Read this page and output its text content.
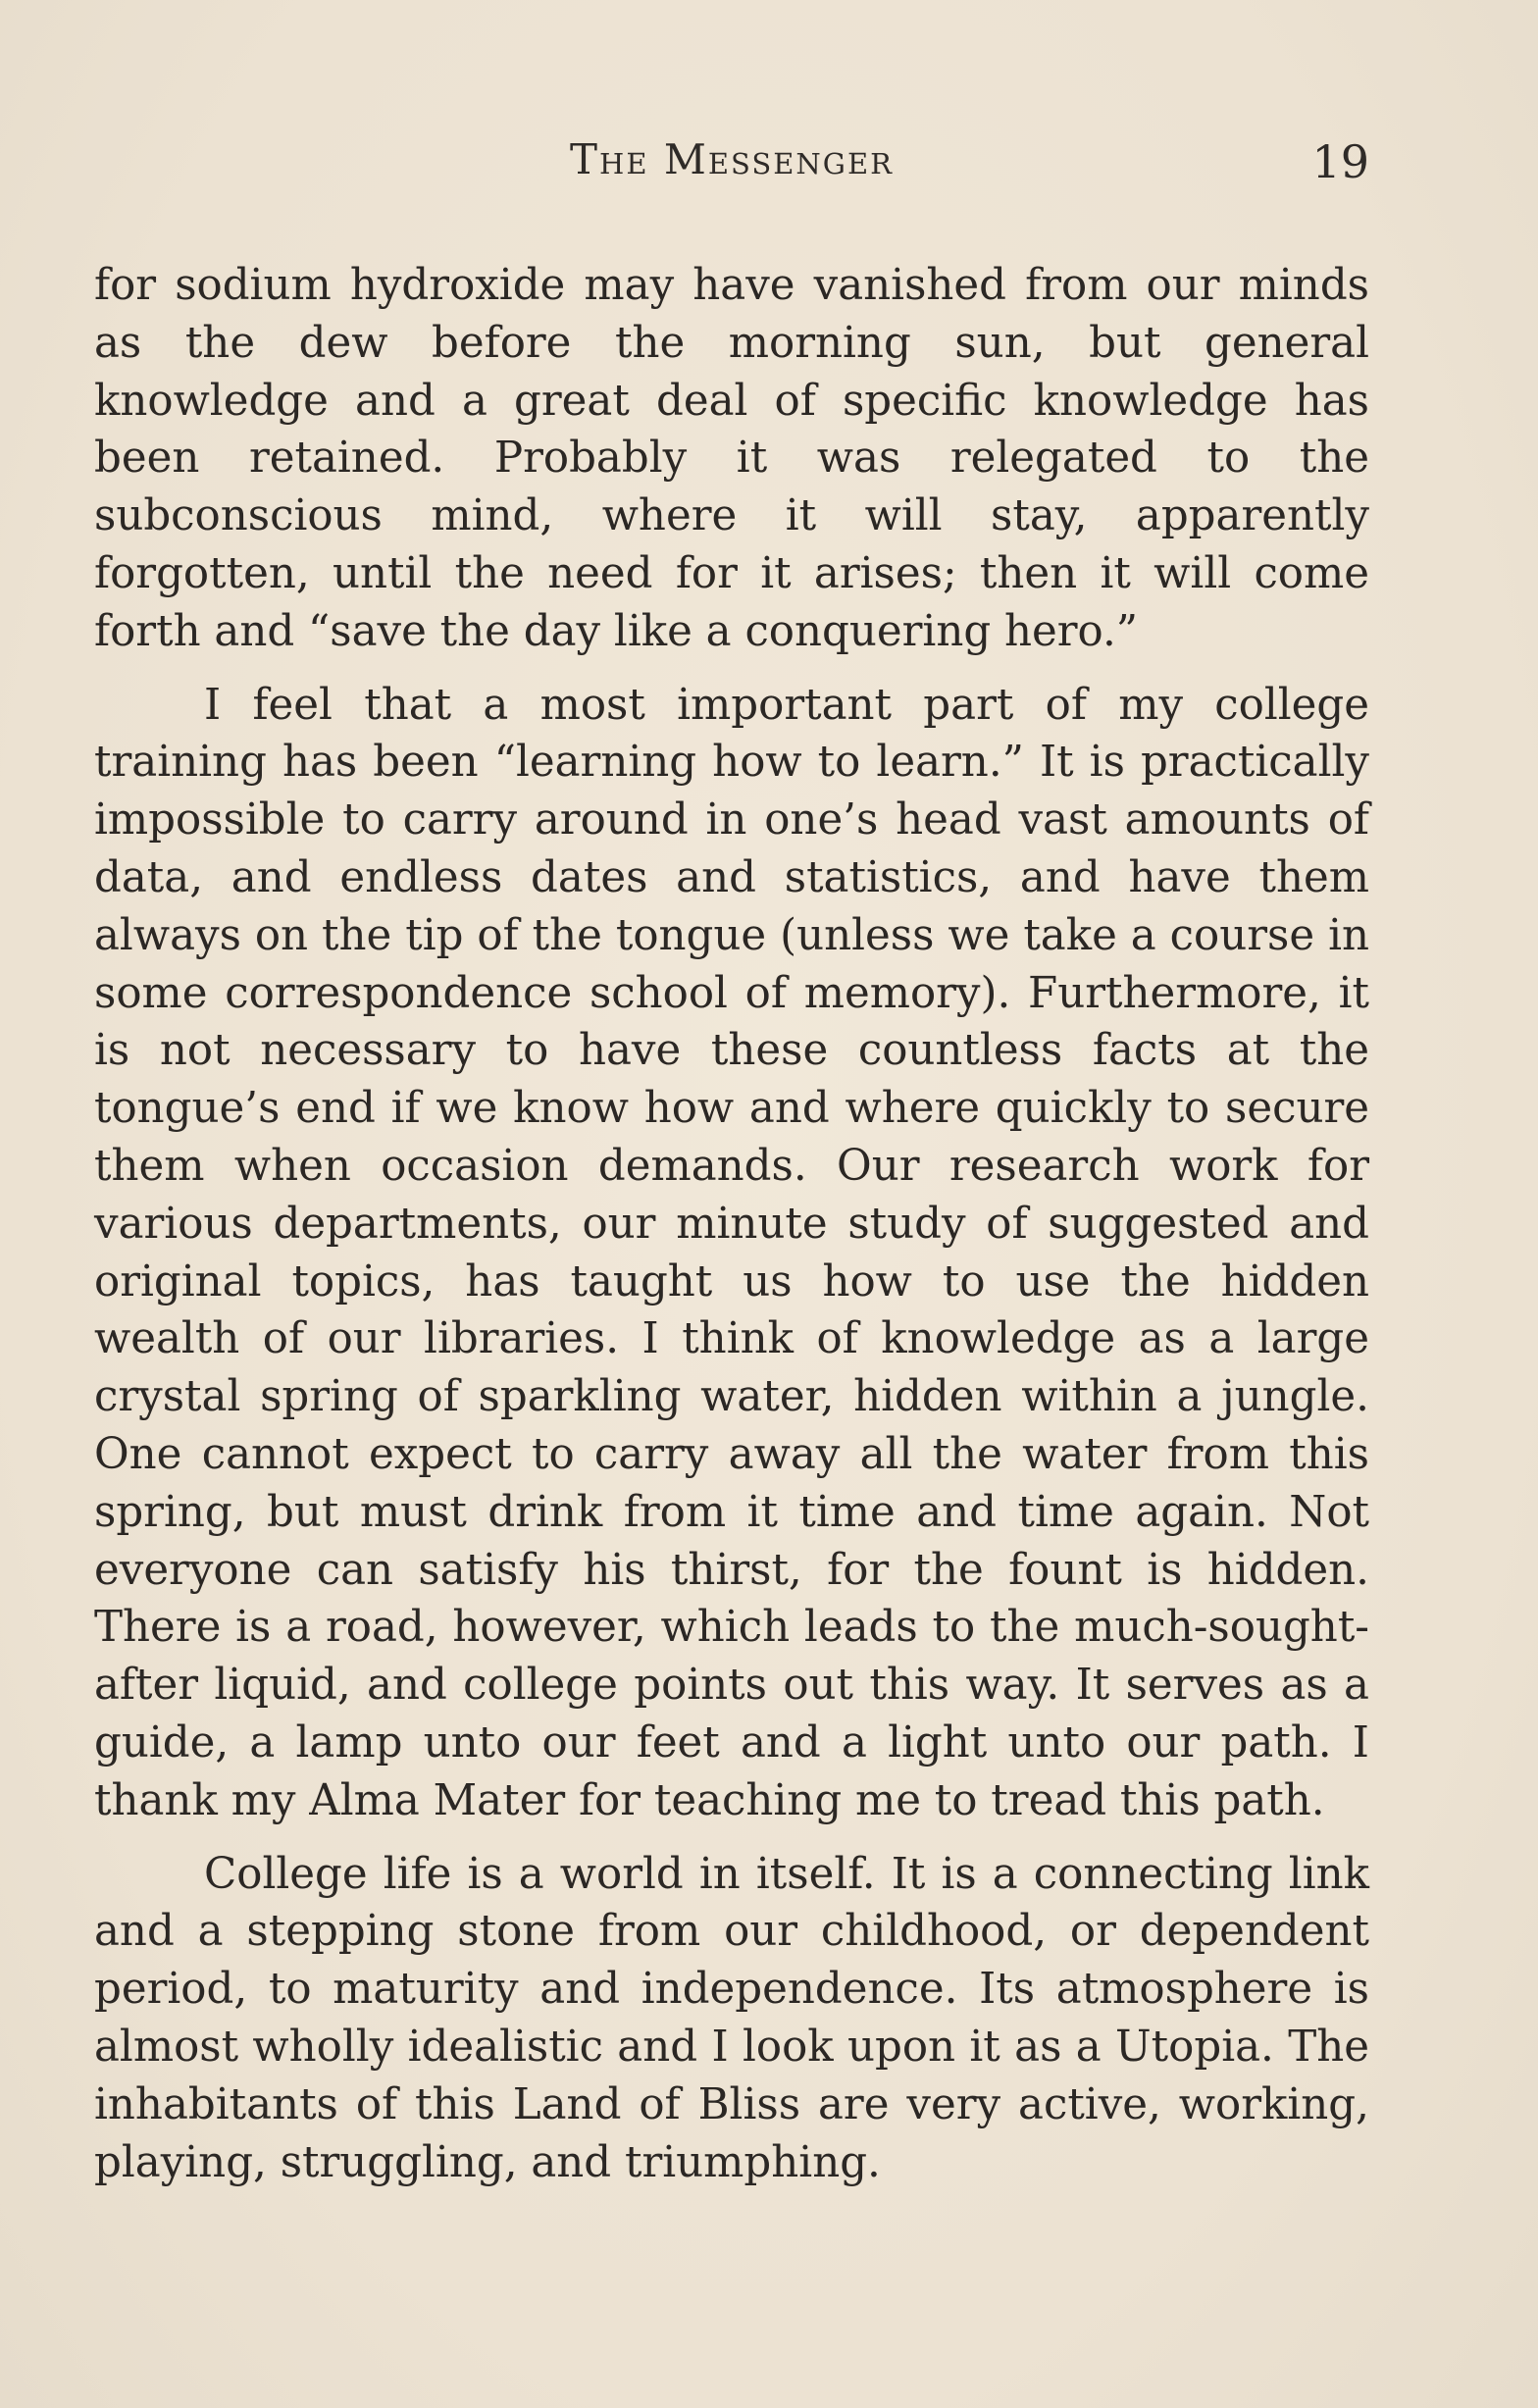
The Messenger	19

for sodium hydroxide may have vanished from our minds as the dew before the morning sun, but general knowledge and a great deal of specific knowledge has been retained. Probably it was relegated to the subconscious mind, where it will stay, apparently forgotten, until the need for it arises; then it will come forth and “save the day like a conquering hero.”

I feel that a most important part of my college training has been “learning how to learn.” It is practically impossible to carry around in one’s head vast amounts of data, and endless dates and statistics, and have them always on the tip of the tongue (unless we take a course in some correspondence school of memory). Furthermore, it is not necessary to have these countless facts at the tongue’s end if we know how and where quickly to secure them when occasion demands. Our research work for various departments, our minute study of suggested and original topics, has taught us how to use the hidden wealth of our libraries. I think of knowledge as a large crystal spring of sparkling water, hidden within a jungle. One cannot expect to carry away all the water from this spring, but must drink from it time and time again. Not everyone can satisfy his thirst, for the fount is hidden. There is a road, however, which leads to the much-sought-after liquid, and college points out this way. It serves as a guide, a lamp unto our feet and a light unto our path. I thank my Alma Mater for teaching me to tread this path.

College life is a world in itself. It is a connecting link and a stepping stone from our childhood, or dependent period, to maturity and independence. Its atmosphere is almost wholly idealistic and I look upon it as a Utopia. The inhabitants of this Land of Bliss are very active, working, playing, struggling, and triumphing.
